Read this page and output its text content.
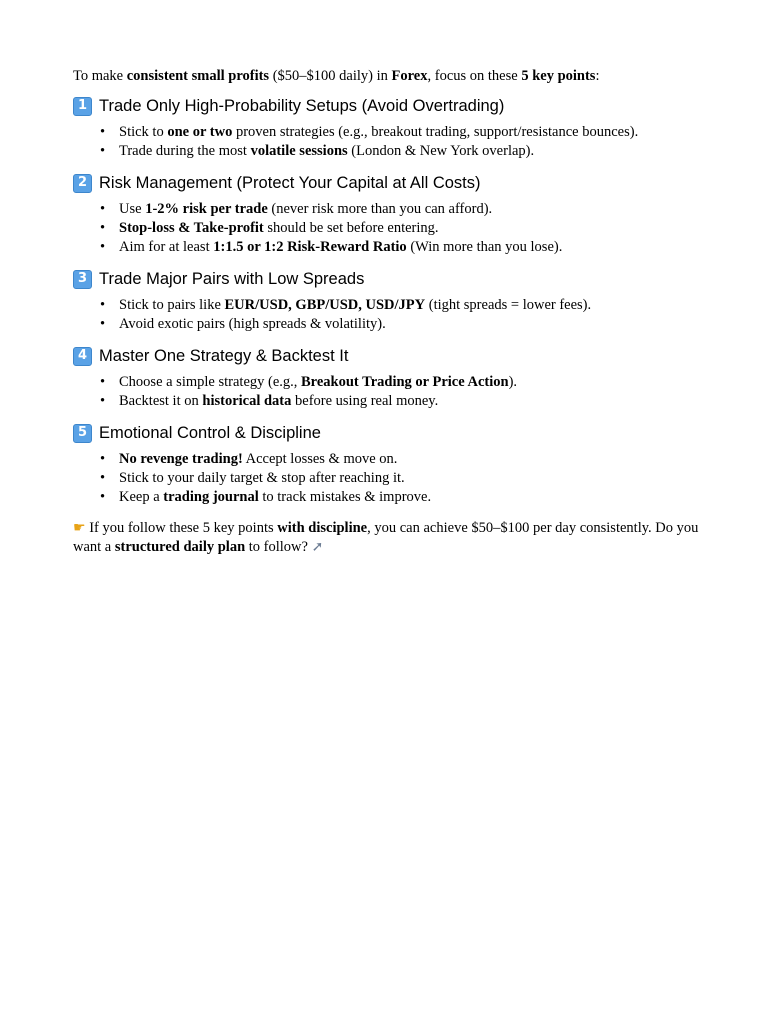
To make consistent small profits ($50–$100 daily) in Forex, focus on these 5 key points:

1 Trade Only High-Probability Setups (Avoid Overtrading)
• Stick to one or two proven strategies (e.g., breakout trading, support/resistance bounces).
• Trade during the most volatile sessions (London & New York overlap).
2 Risk Management (Protect Your Capital at All Costs)
• Use 1-2% risk per trade (never risk more than you can afford).
• Stop-loss & Take-profit should be set before entering.
• Aim for at least 1:1.5 or 1:2 Risk-Reward Ratio (Win more than you lose).
3 Trade Major Pairs with Low Spreads
• Stick to pairs like EUR/USD, GBP/USD, USD/JPY (tight spreads = lower fees).
• Avoid exotic pairs (high spreads & volatility).
4 Master One Strategy & Backtest It
• Choose a simple strategy (e.g., Breakout Trading or Price Action).
• Backtest it on historical data before using real money.
5 Emotional Control & Discipline
• No revenge trading! Accept losses & move on.
• Stick to your daily target & stop after reaching it.
• Keep a trading journal to track mistakes & improve.

☛ If you follow these 5 key points with discipline, you can achieve $50–$100 per day consistently. Do you want a structured daily plan to follow? ➚
